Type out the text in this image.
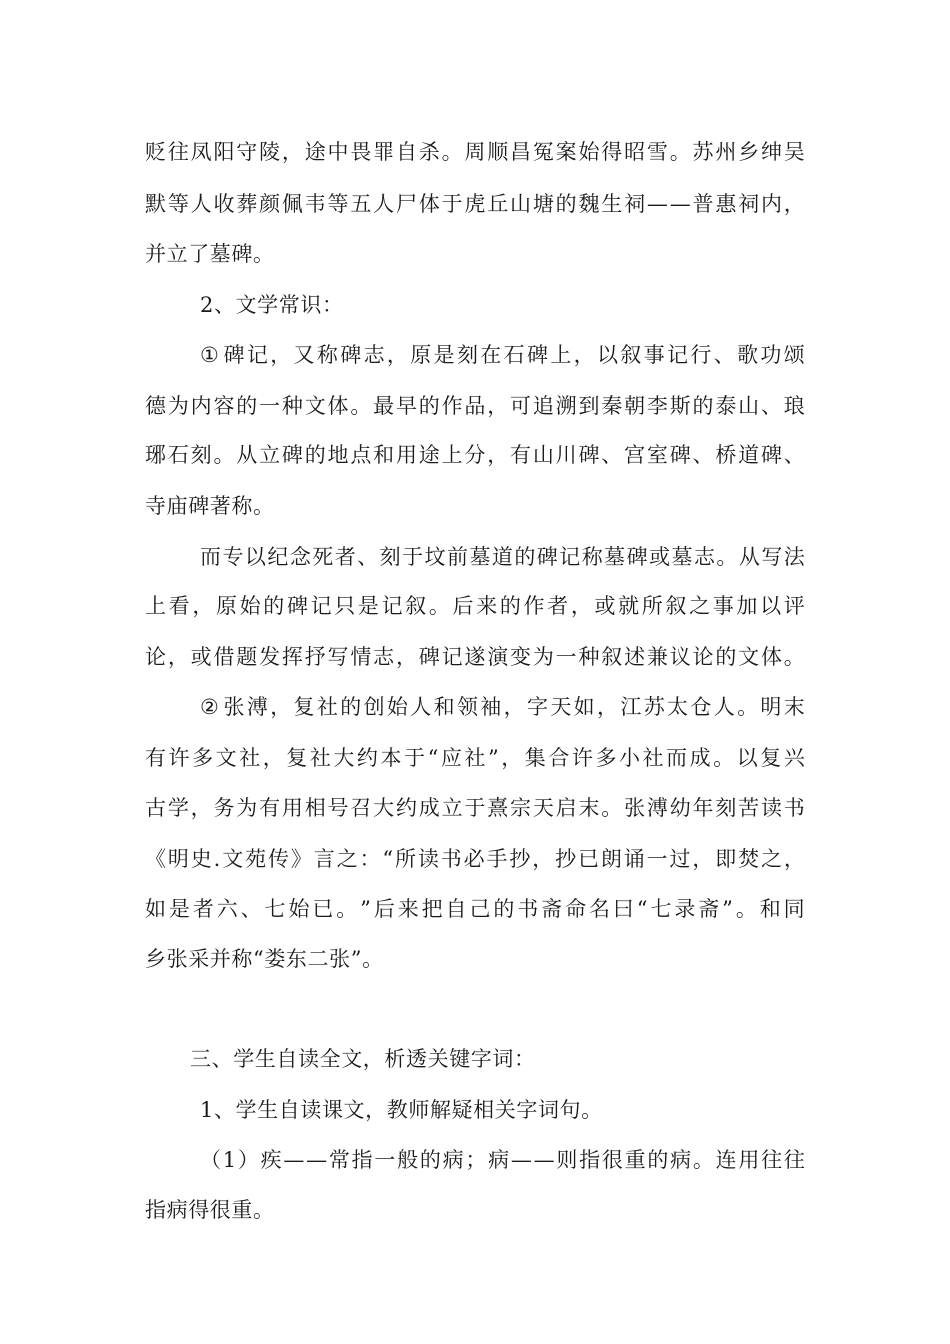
贬 往 凤 阳 守 陵 ， 途 中 畏 罪 自 杀 。 周 顺 昌 冤 案 始 得 昭 雪 。 苏 州 乡 绅 吴
默 等 人 收 葬 颜 佩 韦 等 五 人 尸 体 于 虎 丘 山 塘 的 魏 生 祠 — — 普 惠 祠 内 ，
并立了墓碑。
2、文学常识：
① 碑 记 ， 又 称 碑 志 ， 原 是 刻 在 石 碑 上 ， 以 叙 事 记 行 、 歌 功 颂
德 为 内 容 的 一 种 文 体 。 最 早 的 作 品 ， 可 追 溯 到 秦 朝 李 斯 的 泰 山 、 琅
琊 石 刻 。 从 立 碑 的 地 点 和 用 途 上 分 ， 有 山 川 碑 、 宫 室 碑 、 桥 道 碑 、
寺庙碑著称。
而 专 以 纪 念 死 者 、 刻 于 坟 前 墓 道 的 碑 记 称 墓 碑 或 墓 志 。 从 写 法
上 看 ， 原 始 的 碑 记 只 是 记 叙 。 后 来 的 作 者 ， 或 就 所 叙 之 事 加 以 评
论 ， 或 借 题 发 挥 抒 写 情 志 ， 碑 记 遂 演 变 为 一 种 叙 述 兼 议 论 的 文 体 。
② 张 溥 ， 复 社 的 创 始 人 和 领 袖 ， 字 天 如 ， 江 苏 太 仓 人 。 明 末
有 许 多 文 社 ， 复 社 大 约 本 于 “ 应 社 ” ， 集 合 许 多 小 社 而 成 。 以 复 兴
古 学 ， 务 为 有 用 相 号 召 大 约 成 立 于 熹 宗 天 启 末 。 张 溥 幼 年 刻 苦 读 书
《 明 史 . 文 苑 传 》 言 之 ： “ 所 读 书 必 手 抄 ， 抄 已 朗 诵 一 过 ， 即 焚 之 ，
如 是 者 六 、 七 始 已 。 ” 后 来 把 自 己 的 书 斋 命 名 曰 “ 七 录 斋 ” 。 和 同
乡张采并称“娄东二张”。
三、学生自读全文，析透关键字词：
1、学生自读课文，教师解疑相关字词句。
（ 1 ） 疾 — — 常 指 一 般 的 病 ； 病 — — 则 指 很 重 的 病 。 连 用 往 往
指病得很重。
